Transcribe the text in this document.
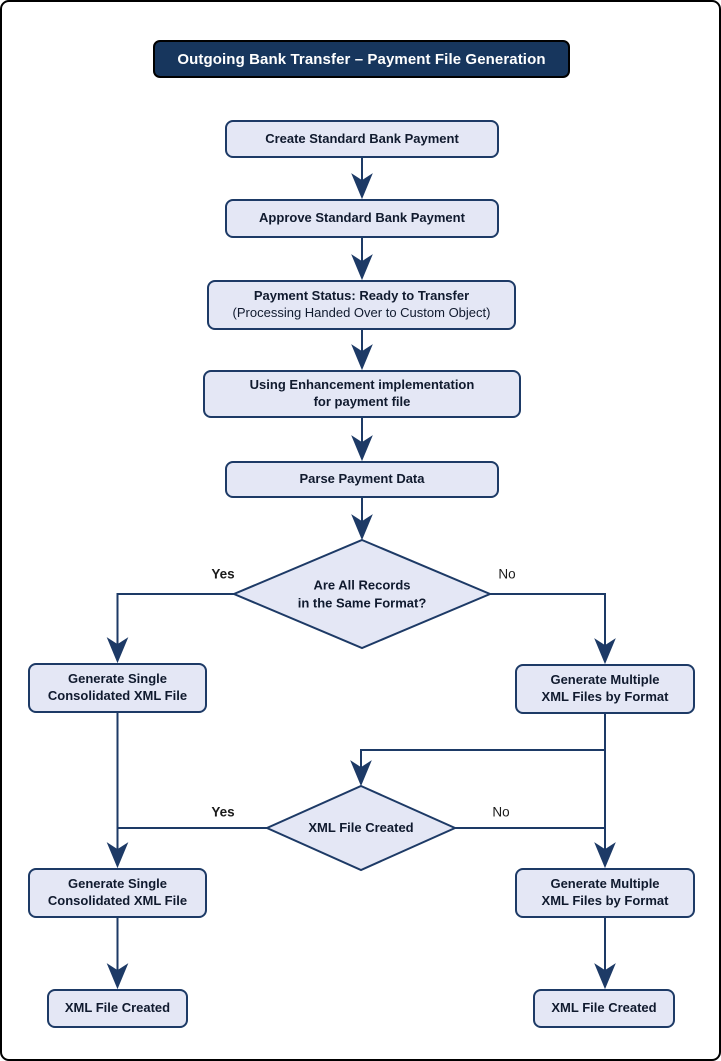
Outgoing Bank Transfer – Payment File Generation
Create Standard Bank Payment
Approve Standard Bank Payment
Payment Status: Ready to Transfer
(Processing Handed Over to Custom Object)
Using Enhancement implementation
for payment file
Parse Payment Data
Are All Records
in the Same Format?
Yes	No
Generate Single
Consolidated XML File
Generate Multiple
XML Files by Format
XML File Created
Yes	No
Generate Single
Consolidated XML File
Generate Multiple
XML Files by Format
XML File Created	XML File Created
